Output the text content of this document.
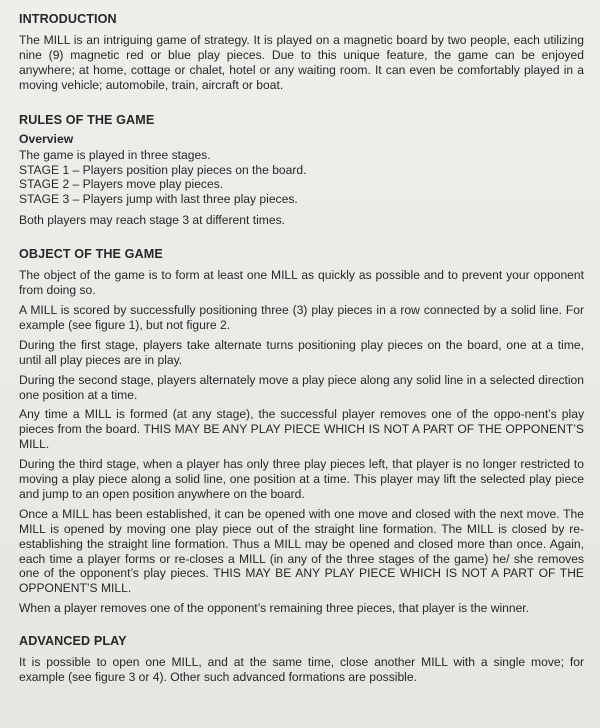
INTRODUCTION

The MILL is an intriguing game of strategy. It is played on a magnetic board by two people, each utilizing nine (9) magnetic red or blue play pieces. Due to this unique feature, the game can be enjoyed anywhere; at home, cottage or chalet, hotel or any waiting room. It can even be comfortably played in a moving vehicle; automobile, train, aircraft or boat.

RULES OF THE GAME
Overview

The game is played in three stages.

STAGE 1 – Players position play pieces on the board.

STAGE 2 – Players move play pieces.

STAGE 3 – Players jump with last three play pieces.

Both players may reach stage 3 at different times.

OBJECT OF THE GAME

The object of the game is to form at least one MILL as quickly as possible and to prevent your opponent from doing so.

A MILL is scored by successfully positioning three (3) play pieces in a row connected by a solid line. For example (see figure 1), but not figure 2.

During the first stage, players take alternate turns positioning play pieces on the board, one at a time, until all play pieces are in play.

During the second stage, players alternately move a play piece along any solid line in a selected direction one position at a time.

Any time a MILL is formed (at any stage), the successful player removes one of the oppo-nent’s play pieces from the board. THIS MAY BE ANY PLAY PIECE WHICH IS NOT A PART OF THE OPPONENT’S MILL.

During the third stage, when a player has only three play pieces left, that player is no longer restricted to moving a play piece along a solid line, one position at a time. This player may lift the selected play piece and jump to an open position anywhere on the board.

Once a MILL has been established, it can be opened with one move and closed with the next move. The MILL is opened by moving one play piece out of the straight line formation. The MILL is closed by re-establishing the straight line formation. Thus a MILL may be opened and closed more than once. Again, each time a player forms or re-closes a MILL (in any of the three stages of the game) he/ she removes one of the opponent’s play pieces. THIS MAY BE ANY PLAY PIECE WHICH IS NOT A PART OF THE OPPONENT’S MILL.

When a player removes one of the opponent’s remaining three pieces, that player is the winner.

ADVANCED PLAY

It is possible to open one MILL, and at the same time, close another MILL with a single move; for example (see figure 3 or 4). Other such advanced formations are possible.
